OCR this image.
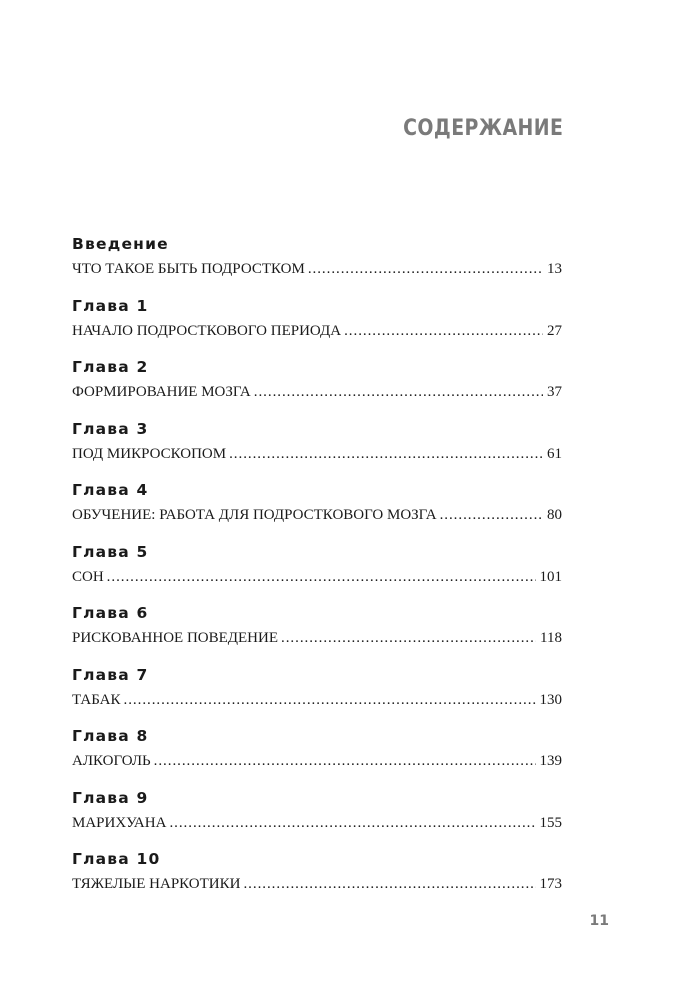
СОДЕРЖАНИЕ
Введение
ЧТО ТАКОЕ БЫТЬ ПОДРОСТКОМ . . .	13
Глава 1
НАЧАЛО ПОДРОСТКОВОГО ПЕРИОДА . . .	27
Глава 2
ФОРМИРОВАНИЕ МОЗГА . . .	37
Глава 3
ПОД МИКРОСКОПОМ . . .	61
Глава 4
ОБУЧЕНИЕ: РАБОТА ДЛЯ ПОДРОСТКОВОГО МОЗГА . . .	80
Глава 5
СОН . . .	101
Глава 6
РИСКОВАННОЕ ПОВЕДЕНИЕ . . .	118
Глава 7
ТАБАК . . .	130
Глава 8
АЛКОГОЛЬ . . .	139
Глава 9
МАРИХУАНА . . .	155
Глава 10
ТЯЖЕЛЫЕ НАРКОТИКИ . . .	173
11
